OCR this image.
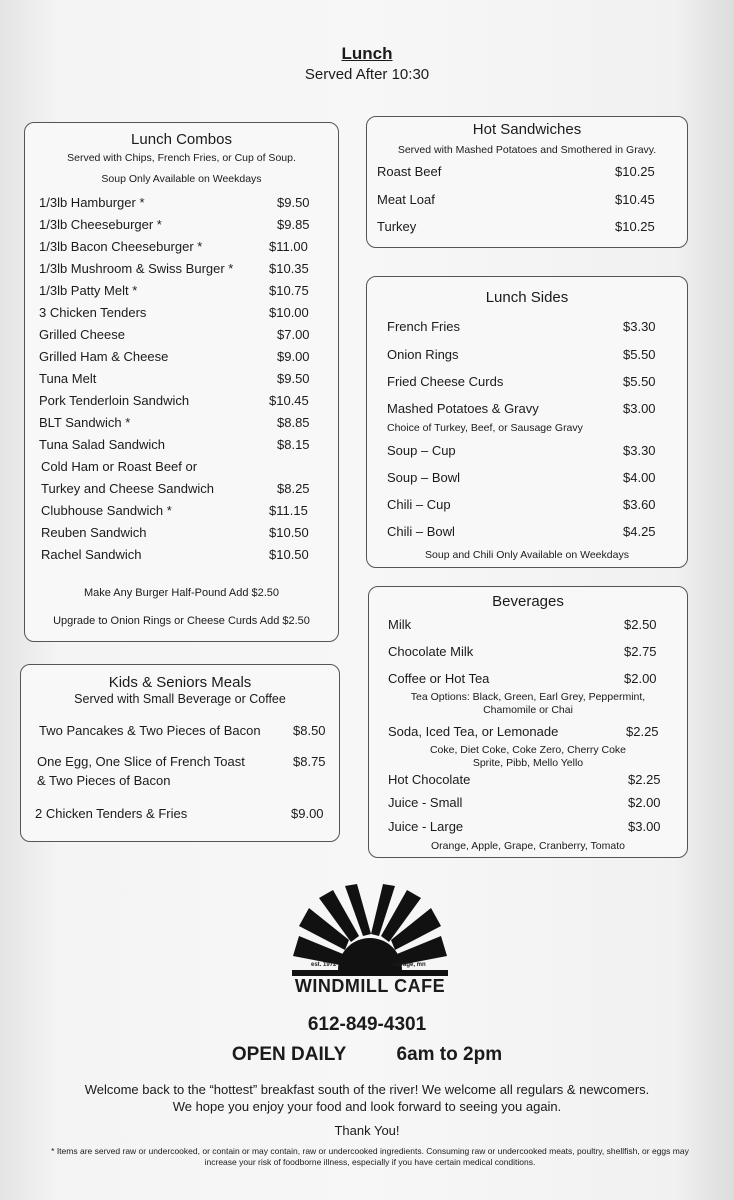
Lunch
Served After 10:30
Lunch Combos
Served with Chips, French Fries, or Cup of Soup.
Soup Only Available on Weekdays
1/3lb Hamburger *	$9.50
1/3lb Cheeseburger *	$9.85
1/3lb Bacon Cheeseburger *	$11.00
1/3lb Mushroom & Swiss Burger *	$10.35
1/3lb Patty Melt *	$10.75
3 Chicken Tenders	$10.00
Grilled Cheese	$7.00
Grilled Ham & Cheese	$9.00
Tuna Melt	$9.50
Pork Tenderloin Sandwich	$10.45
BLT Sandwich *	$8.85
Tuna Salad Sandwich	$8.15
Cold Ham or Roast Beef or
Turkey and Cheese Sandwich	$8.25
Clubhouse Sandwich *	$11.15
Reuben Sandwich	$10.50
Rachel Sandwich	$10.50
Make Any Burger Half-Pound Add $2.50
Upgrade to Onion Rings or Cheese Curds Add $2.50
Kids & Seniors Meals
Served with Small Beverage or Coffee
Two Pancakes & Two Pieces of Bacon $8.50
One Egg, One Slice of French Toast	$8.75
& Two Pieces of Bacon
2 Chicken Tenders & Fries	$9.00
Hot Sandwiches
Served with Mashed Potatoes and Smothered in Gravy.
Roast Beef	$10.25
Meat Loaf	$10.45
Turkey	$10.25
Lunch Sides
French Fries	$3.30
Onion Rings	$5.50
Fried Cheese Curds	$5.50
Mashed Potatoes & Gravy	$3.00
Choice of Turkey, Beef, or Sausage Gravy
Soup – Cup	$3.30
Soup – Bowl	$4.00
Chili – Cup	$3.60
Chili – Bowl	$4.25
Soup and Chili Only Available on Weekdays
Beverages
Milk	$2.50
Chocolate Milk	$2.75
Coffee or Hot Tea	$2.00
Tea Options: Black, Green, Earl Grey, Peppermint,
Chamomile or Chai
Soda, Iced Tea, or Lemonade	$2.25
Coke, Diet Coke, Coke Zero, Cherry Coke
Sprite, Pibb, Mello Yello
Hot Chocolate	$2.25
Juice - Small	$2.00
Juice - Large	$3.00
Orange, Apple, Grape, Cranberry, Tomato
est. 1972	savage, mn
WINDMILL CAFE
612-849-4301
OPEN DAILY	6am to 2pm
Welcome back to the “hottest” breakfast south of the river! We welcome all regulars & newcomers.
We hope you enjoy your food and look forward to seeing you again.
Thank You!
* Items are served raw or undercooked, or contain or may contain, raw or undercooked ingredients. Consuming raw or undercooked meats, poultry, shellfish, or eggs may increase your risk of foodborne illness, especially if you have certain medical conditions.
